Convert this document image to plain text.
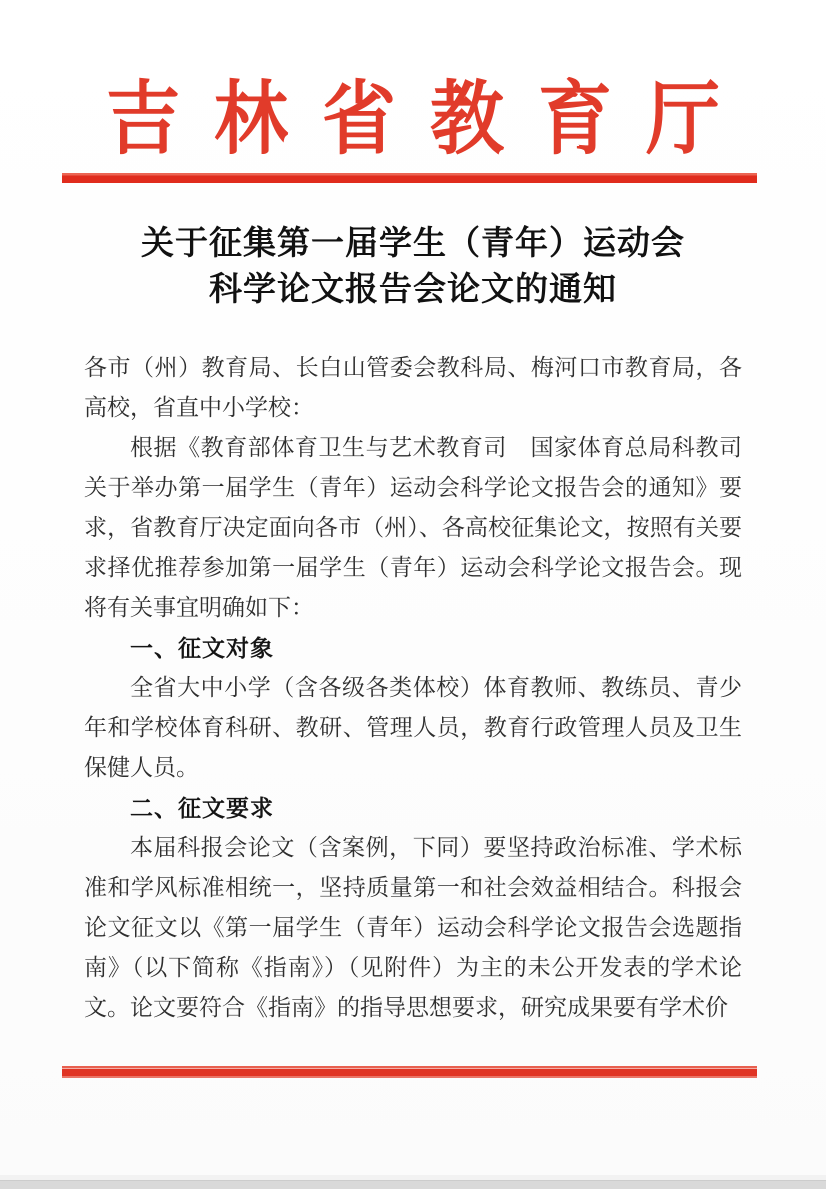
吉林省教育厅
关于征集第一届学生（青年）运动会
科学论文报告会论文的通知

各市（州）教育局、长白山管委会教科局、梅河口市教育局，各高校，省直中小学校：

根据《教育部体育卫生与艺术教育司　国家体育总局科教司关于举办第一届学生（青年）运动会科学论文报告会的通知》要求，省教育厅决定面向各市（州）、各高校征集论文，按照有关要求择优推荐参加第一届学生（青年）运动会科学论文报告会。现将有关事宜明确如下：

一、征文对象

全省大中小学（含各级各类体校）体育教师、教练员、青少年和学校体育科研、教研、管理人员，教育行政管理人员及卫生保健人员。

二、征文要求

本届科报会论文（含案例，下同）要坚持政治标准、学术标准和学风标准相统一，坚持质量第一和社会效益相结合。科报会论文征文以《第一届学生（青年）运动会科学论文报告会选题指南》（以下简称《指南》）（见附件）为主的未公开发表的学术论文。论文要符合《指南》的指导思想要求，研究成果要有学术价
